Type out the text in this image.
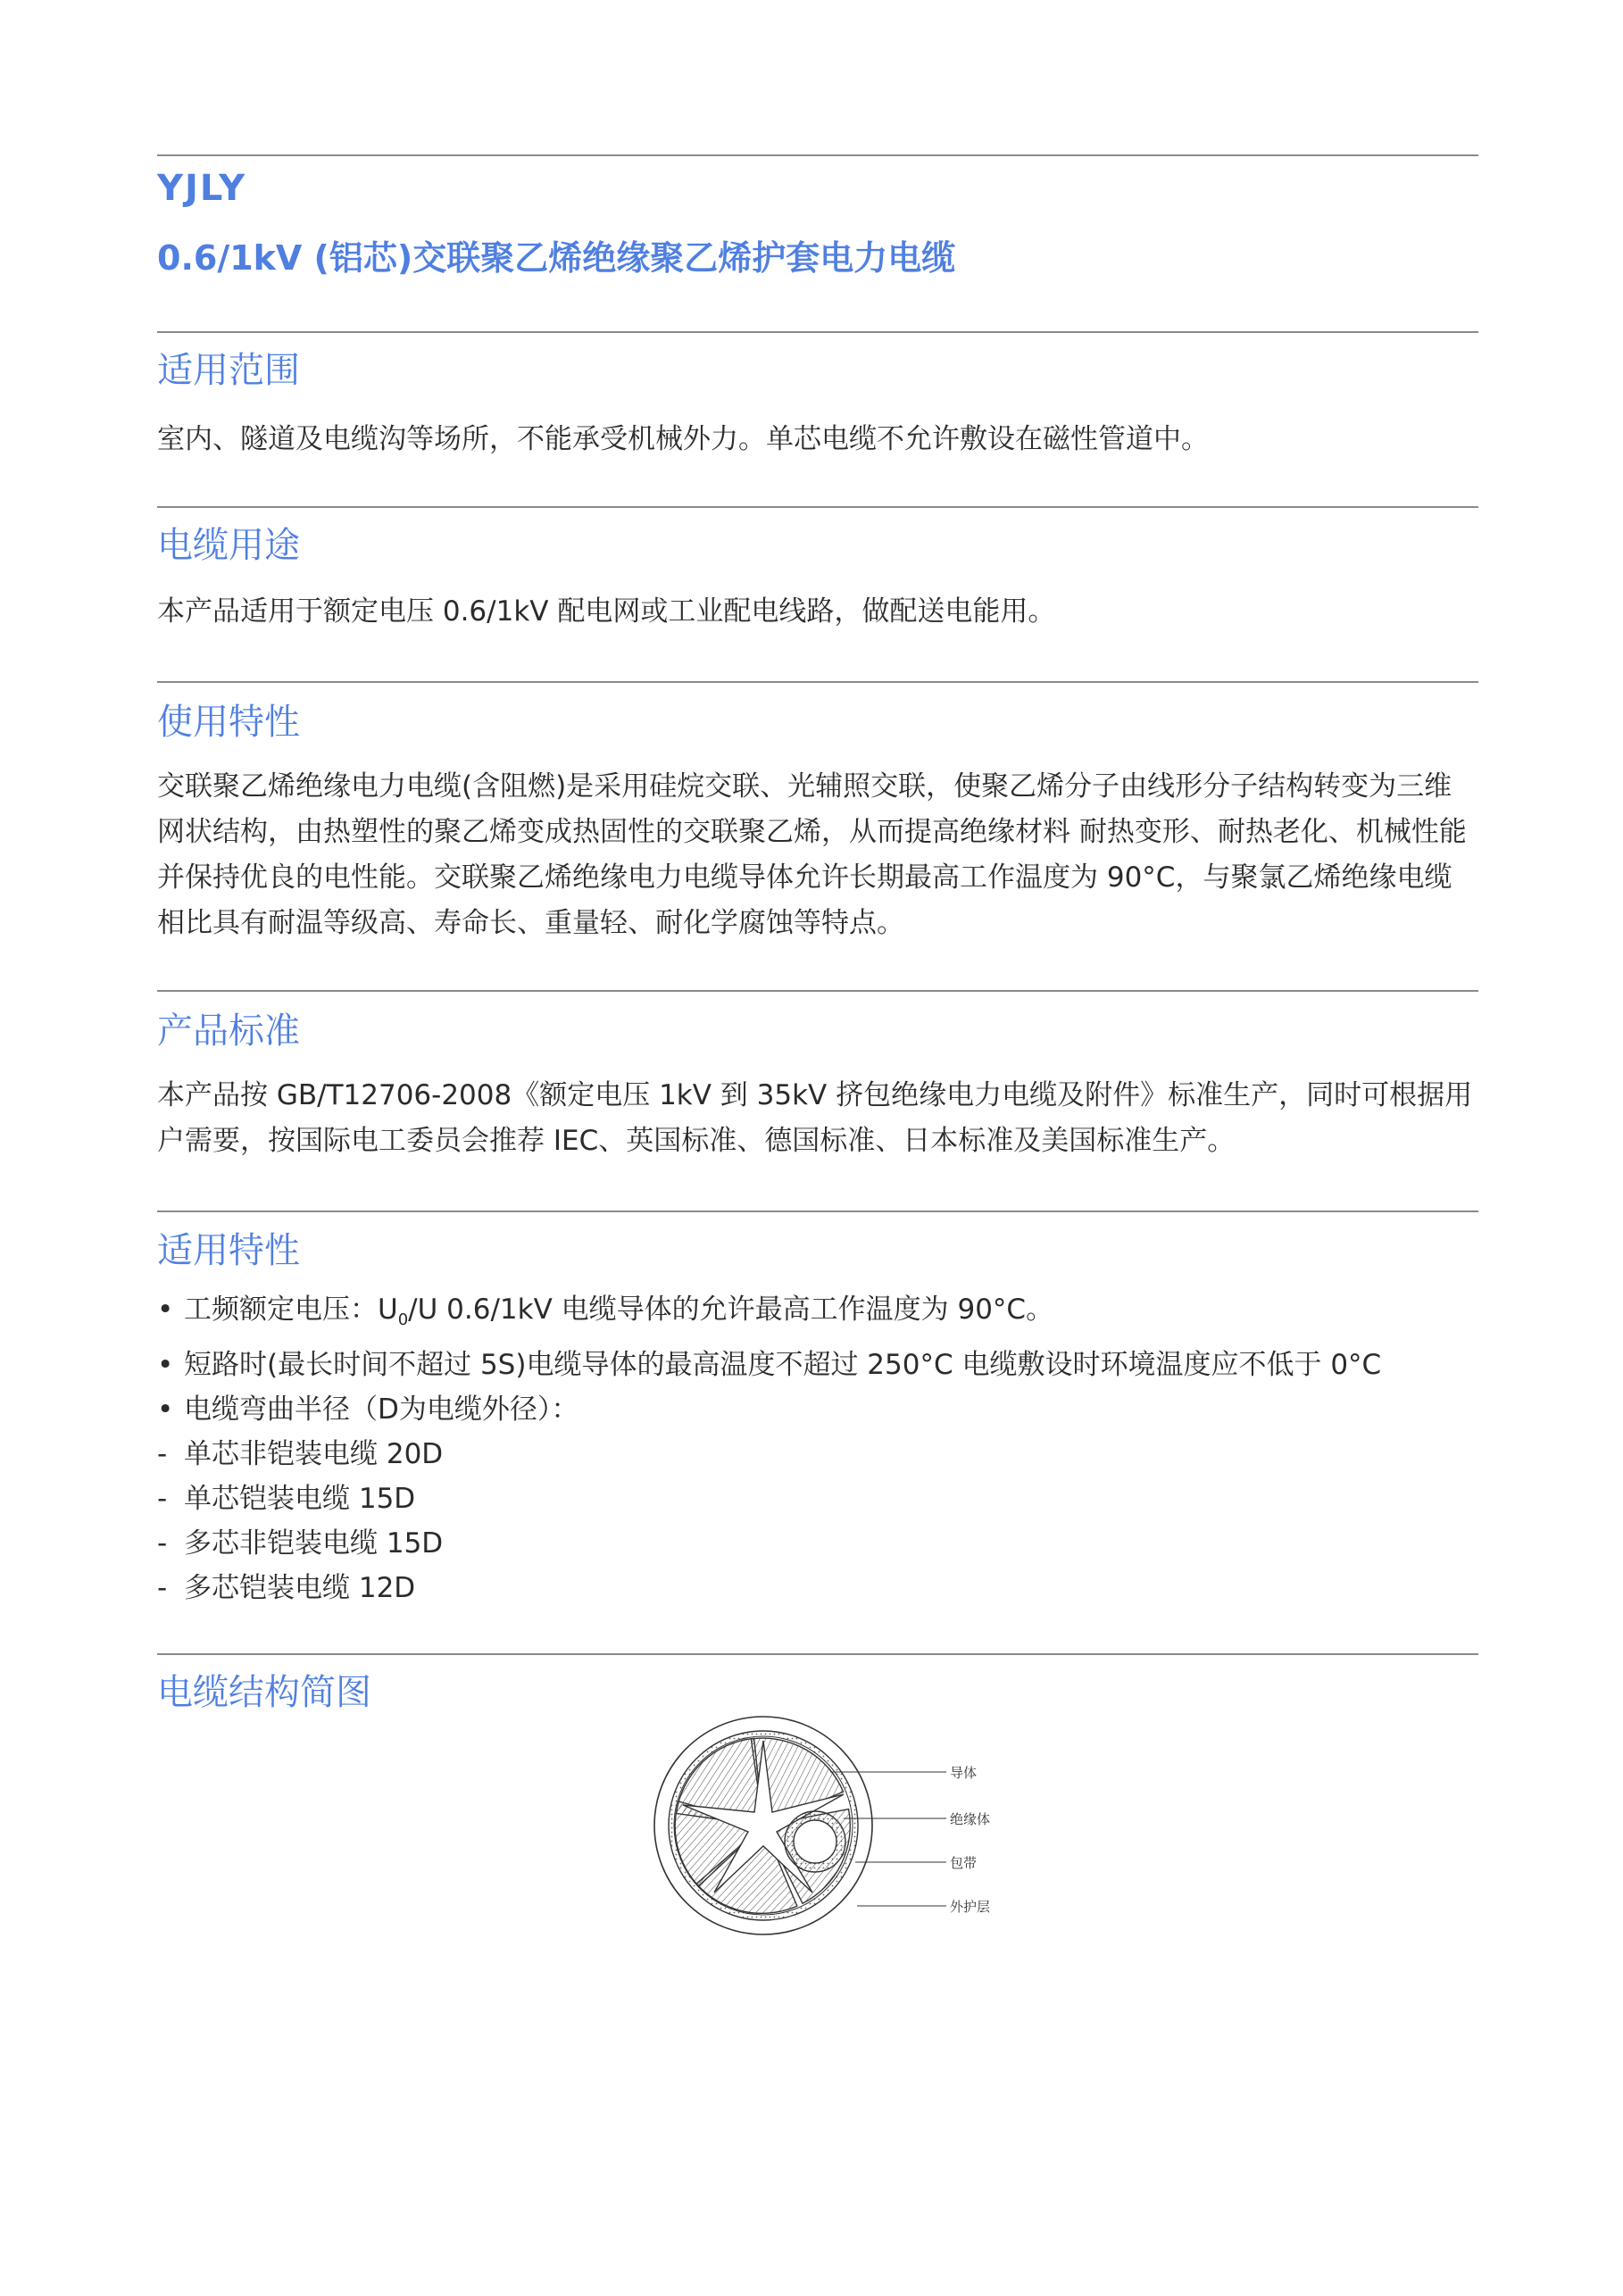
YJLY
0.6/1kV (铝芯)交联聚乙烯绝缘聚乙烯护套电力电缆
适用范围

室内、隧道及电缆沟等场所，不能承受机械外力。单芯电缆不允许敷设在磁性管道中。

电缆用途

本产品适用于额定电压 0.6/1kV 配电网或工业配电线路，做配送电能用。

使用特性

交联聚乙烯绝缘电力电缆(含阻燃)是采用硅烷交联、光辅照交联，使聚乙烯分子由线形分子结构转变为三维网状结构，由热塑性的聚乙烯变成热固性的交联聚乙烯，从而提高绝缘材料 耐热变形、耐热老化、机械性能并保持优良的电性能。交联聚乙烯绝缘电力电缆导体允许长期最高工作温度为 90°C，与聚氯乙烯绝缘电缆相比具有耐温等级高、寿命长、重量轻、耐化学腐蚀等特点。

产品标准

本产品按 GB/T12706-2008《额定电压 1kV 到 35kV 挤包绝缘电力电缆及附件》标准生产，同时可根据用户需要，按国际电工委员会推荐 IEC、英国标准、德国标准、日本标准及美国标准生产。

适用特性
• 工频额定电压：$U_0/U$ 0.6/1kV 电缆导体的允许最高工作温度为 90°C。
• 短路时(最长时间不超过 5S)电缆导体的最高温度不超过 250°C 电缆敷设时环境温度应不低于 0°C
• 电缆弯曲半径（D为电缆外径）：
- 单芯非铠装电缆 20D
- 单芯铠装电缆 15D
- 多芯非铠装电缆 15D
- 多芯铠装电缆 12D
电缆结构简图
导体
绝缘体
包带
外护层
